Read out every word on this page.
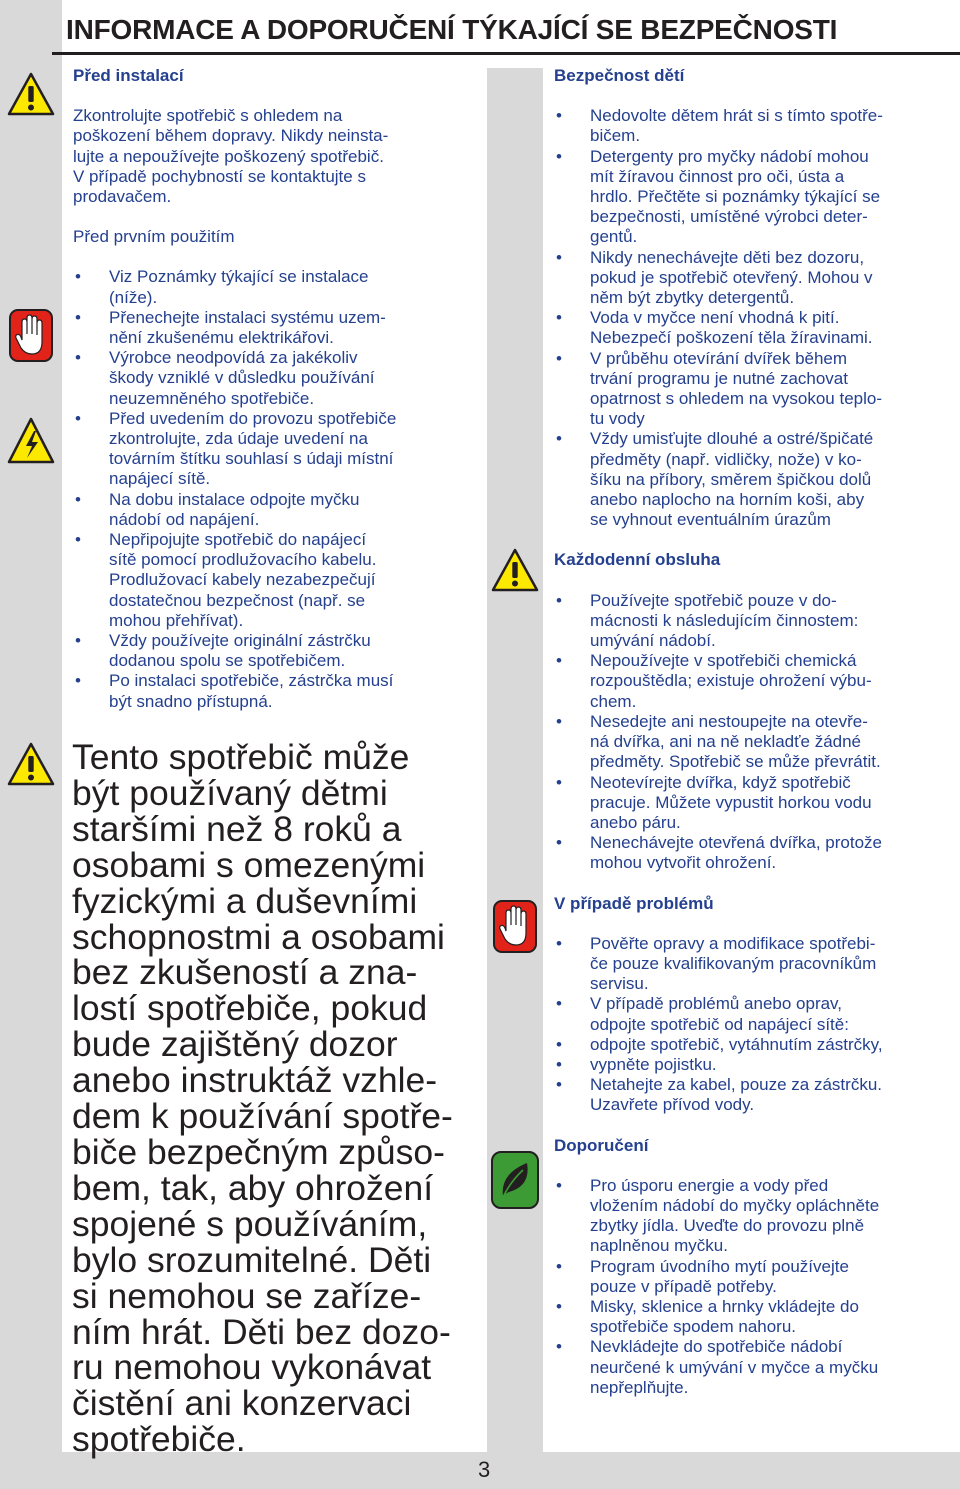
INFORMACE A DOPORUČENÍ TÝKAJÍCÍ SE BEZPEČNOSTI

Před instalací

Zkontrolujte spotřebič s ohledem na
poškození během dopravy. Nikdy neinsta-
lujte a nepoužívejte poškozený spotřebič.
V případě pochybností se kontaktujte s
prodavačem.

Před prvním použitím

• Viz Poznámky týkající se instalace
(níže).
• Přenechejte instalaci systému uzem-
nění zkušenému elektrikářovi.
• Výrobce neodpovídá za jakékoliv
škody vzniklé v důsledku používání
neuzemněného spotřebiče.
• Před uvedením do provozu spotřebiče
zkontrolujte, zda údaje uvedení na
továrním štítku souhlasí s údaji místní
napájecí sítě.
• Na dobu instalace odpojte myčku
nádobí od napájení.
• Nepřipojujte spotřebič do napájecí
sítě pomocí prodlužovacího kabelu.
Prodlužovací kabely nezabezpečují
dostatečnou bezpečnost (např. se
mohou přehřívat).
• Vždy používejte originální zástrčku
dodanou spolu se spotřebičem.
• Po instalaci spotřebiče, zástrčka musí
být snadno přístupná.

Tento spotřebič může
být používaný dětmi
staršími než 8 roků a
osobami s omezenými
fyzickými a duševními
schopnostmi a osobami
bez zkušeností a zna-
lostí spotřebiče, pokud
bude zajištěný dozor
anebo instruktáž vzhle-
dem k používání spotře-
biče bezpečným způso-
bem, tak, aby ohrožení
spojené s používáním,
bylo srozumitelné. Děti
si nemohou se zaříze-
ním hrát. Děti bez dozo-
ru nemohou vykonávat
čistění ani konzervaci
spotřebiče.

Bezpečnost dětí

• Nedovolte dětem hrát si s tímto spotře-
bičem.
• Detergenty pro myčky nádobí mohou
mít žíravou činnost pro oči, ústa a
hrdlo. Přečtěte si poznámky týkající se
bezpečnosti, umístěné výrobci deter-
gentů.
• Nikdy nenechávejte děti bez dozoru,
pokud je spotřebič otevřený. Mohou v
něm být zbytky detergentů.
• Voda v myčce není vhodná k pití.
Nebezpečí poškození těla žíravinami.
• V průběhu otevírání dvířek během
trvání programu je nutné zachovat
opatrnost s ohledem na vysokou teplo-
tu vody
• Vždy umisťujte dlouhé a ostré/špičaté
předměty (např. vidličky, nože) v ko-
šíku na příbory, směrem špičkou dolů
anebo naplocho na horním koši, aby
se vyhnout eventuálním úrazům

Každodenní obsluha

• Používejte spotřebič pouze v do-
mácnosti k následujícím činnostem:
umývání nádobí.
• Nepoužívejte v spotřebiči chemická
rozpouštědla; existuje ohrožení výbu-
chem.
• Nesedejte ani nestoupejte na otevře-
ná dvířka, ani na ně nekladťe žádné
předměty. Spotřebič se může převrátit.
• Neotevírejte dvířka, když spotřebič
pracuje. Můžete vypustit horkou vodu
anebo páru.
• Nenechávejte otevřená dvířka, protože
mohou vytvořit ohrožení.

V případě problémů

• Pověřte opravy a modifikace spotřebi-
če pouze kvalifikovaným pracovníkům
servisu.
• V případě problémů anebo oprav,
odpojte spotřebič od napájecí sítě:
• odpojte spotřebič, vytáhnutím zástrčky,
• vypněte pojistku.
• Netahejte za kabel, pouze za zástrčku.
Uzavřete přívod vody.

Doporučení

• Pro úsporu energie a vody před
vložením nádobí do myčky opláchněte
zbytky jídla. Uveďte do provozu plně
naplněnou myčku.
• Program úvodního mytí používejte
pouze v případě potřeby.
• Misky, sklenice a hrnky vkládejte do
spotřebiče spodem nahoru.
• Nevkládejte do spotřebiče nádobí
neurčené k umývání v myčce a myčku
nepřeplňujte.
3
